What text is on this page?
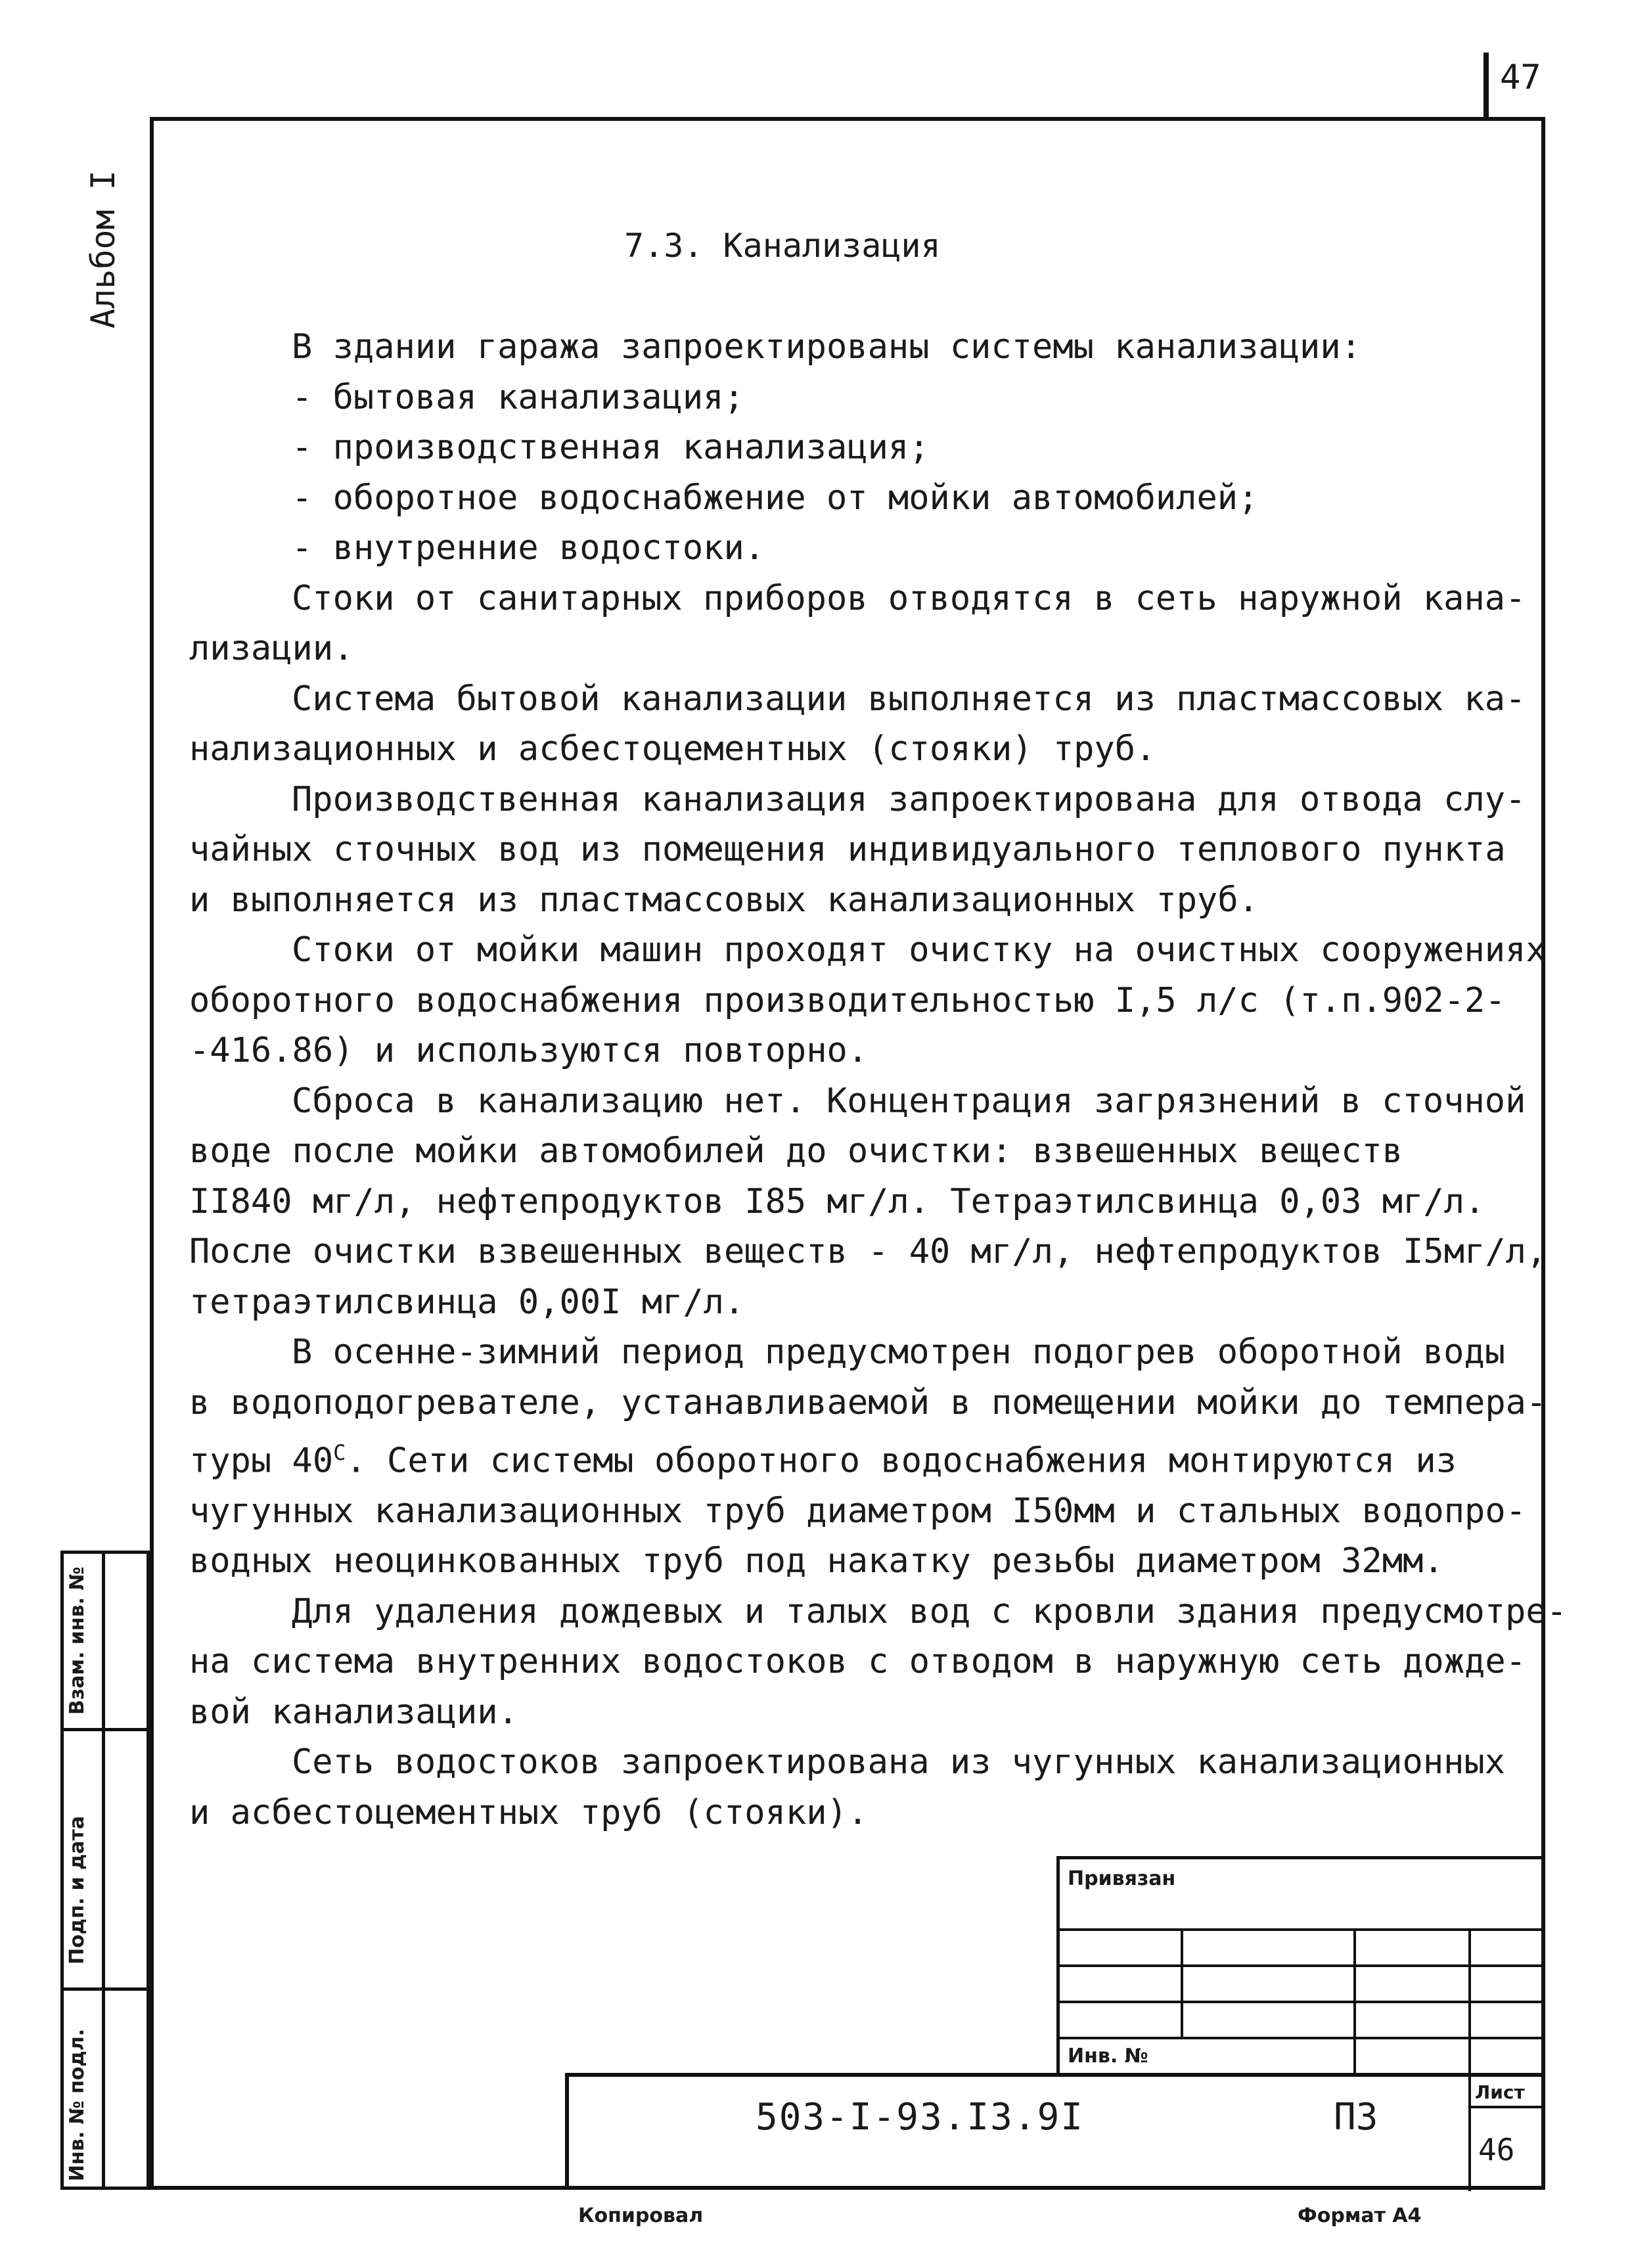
47
Альбом I	7.3. Канализация

В здании гаража запроектированы системы канализации:

- бытовая канализация;

- производственная канализация;

- оборотное водоснабжение от мойки автомобилей;

- внутренние водостоки.

Стоки от санитарных приборов отводятся в сеть наружной кана-

лизации.

Система бытовой канализации выполняется из пластмассовых ка-

нализационных и асбестоцементных (стояки) труб.

Производственная канализация запроектирована для отвода слу-

чайных сточных вод из помещения индивидуального теплового пункта

и выполняется из пластмассовых канализационных труб.

Стоки от мойки машин проходят очистку на очистных сооружениях

оборотного водоснабжения производительностью I,5 л/с (т.п.902-2-

-416.86) и используются повторно.

Сброса в канализацию нет. Концентрация загрязнений в сточной

воде после мойки автомобилей до очистки: взвешенных веществ

II840 мг/л, нефтепродуктов I85 мг/л. Тетраэтилсвинца 0,03 мг/л.

После очистки взвешенных веществ - 40 мг/л, нефтепродуктов I5мг/л,

тетраэтилсвинца 0,00I мг/л.

В осенне-зимний период предусмотрен подогрев оборотной воды

в водоподогревателе, устанавливаемой в помещении мойки до темпера-

туры $40^C$. Сети системы оборотного водоснабжения монтируются из

чугунных канализационных труб диаметром I50мм и стальных водопро-

водных неоцинкованных труб под накатку резьбы диаметром 32мм.

Для удаления дождевых и талых вод с кровли здания предусмотре-

на система внутренних водостоков с отводом в наружную сеть дожде-

вой канализации.

Сеть водостоков запроектирована из чугунных канализационных

и асбестоцементных труб (стояки).

Взам. инв. №
Подп. и дата
Инв. № подл.
Привязан
Инв. №
503-I-93.I3.9I	ПЗ
Лист
46
Копировал	Формат А4
